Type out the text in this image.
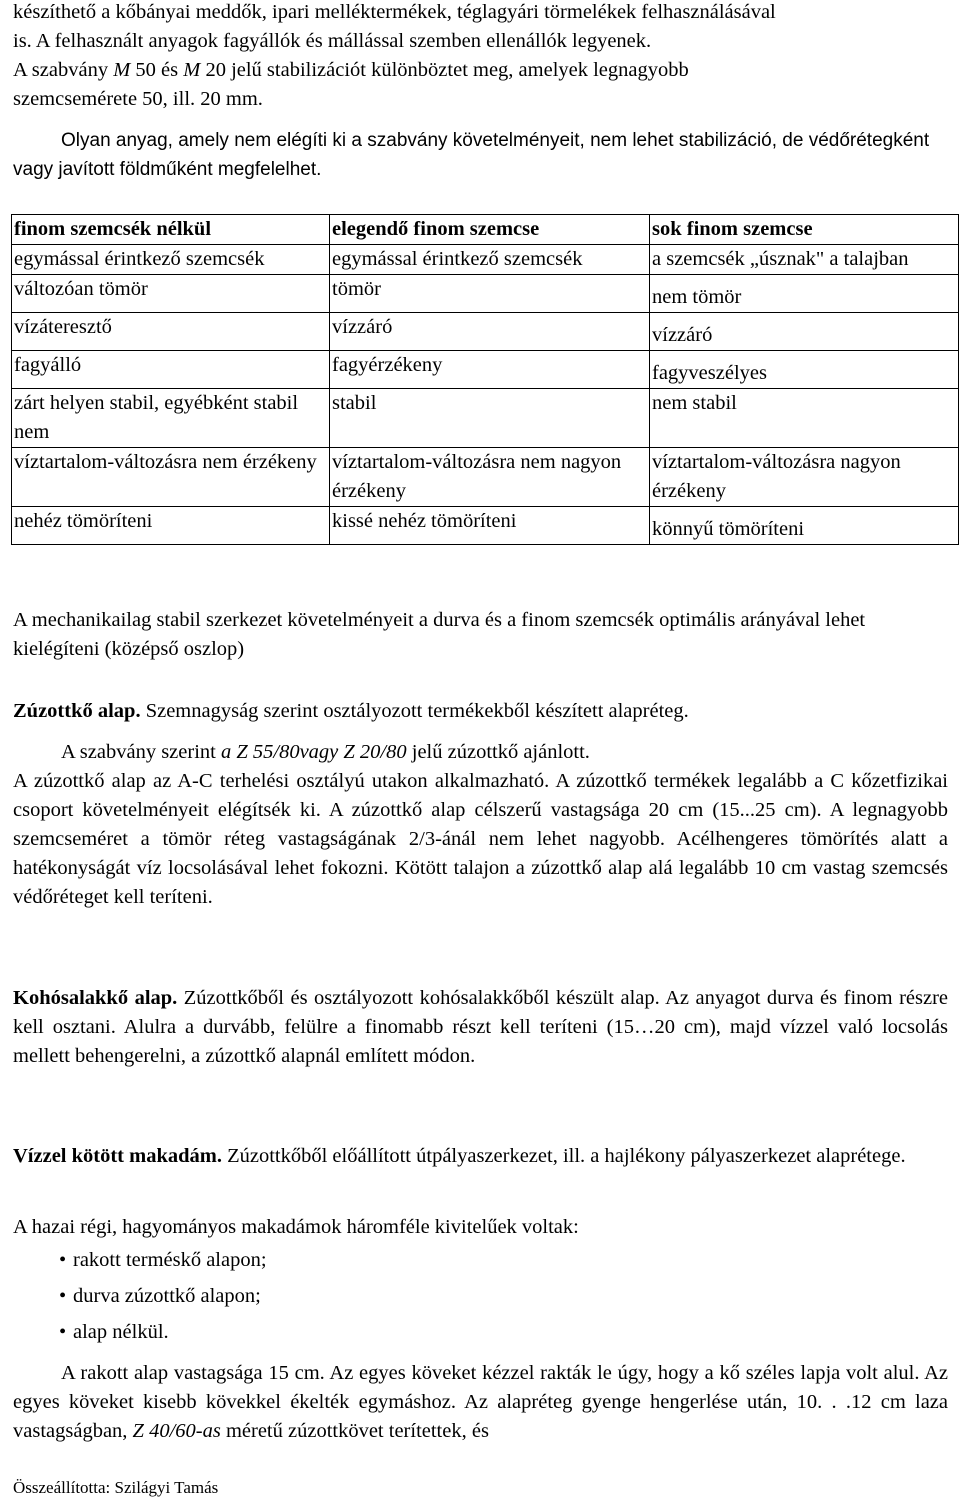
készíthető a kőbányai meddők, ipari melléktermékek, téglagyári törmelékek felhasználásával

is. A felhasznált anyagok fagyállók és mállással szemben ellenállók legyenek.

A szabvány M 50 és M 20 jelű stabilizációt különböztet meg, amelyek legnagyobb

szemcsemérete 50, ill. 20 mm.

Olyan anyag, amely nem elégíti ki a szabvány követelményeit, nem lehet stabilizáció, de védőrétegként vagy javított földműként megfelelhet.

finom szemcsék nélkül	elegendő finom szemcse	sok finom szemcse
egymással érintkező szemcsék	egymással érintkező szemcsék	a szemcsék „úsznak" a talajban
változóan tömör	tömör	nem tömör
vízáteresztő	vízzáró	vízzáró
fagyálló	fagyérzékeny	fagyveszélyes
zárt helyen stabil, egyébként stabil nem	stabil	nem stabil
víztartalom-változásra nem érzékeny	víztartalom-változásra nem nagyon érzékeny	víztartalom-változásra nagyon érzékeny
nehéz tömöríteni	kissé nehéz tömöríteni	könnyű tömöríteni

A mechanikailag stabil szerkezet követelményeit a durva és a finom szemcsék optimális arányával lehet kielégíteni (középső oszlop)

Zúzottkő alap. Szemnagyság szerint osztályozott termékekből készített alapréteg.

A szabvány szerint a Z 55/80vagy Z 20/80 jelű zúzottkő ajánlott.

A zúzottkő alap az A-C terhelési osztályú utakon alkalmazható. A zúzottkő termékek legalább a C kőzetfizikai csoport követelményeit elégítsék ki. A zúzottkő alap célszerű vastagsága 20 cm (15...25 cm). A legnagyobb szemcseméret a tömör réteg vastagságának 2/3-ánál nem lehet nagyobb. Acélhengeres tömörítés alatt a hatékonyságát víz locsolásával lehet fokozni. Kötött talajon a zúzottkő alap alá legalább 10 cm vastag szemcsés védőréteget kell teríteni.

Kohósalakkő alap. Zúzottkőből és osztályozott kohósalakkőből készült alap. Az anyagot durva és finom részre kell osztani. Alulra a durvább, felülre a finomabb részt kell teríteni (15…20 cm), majd vízzel való locsolás mellett behengerelni, a zúzottkő alapnál említett módon.

Vízzel kötött makadám. Zúzottkőből előállított útpályaszerkezet, ill. a hajlékony pályaszerkezet alaprétege.

A hazai régi, hagyományos makadámok háromféle kivitelűek voltak:

• rakott terméskő alapon;
• durva zúzottkő alapon;
• alap nélkül.

A rakott alap vastagsága 15 cm. Az egyes köveket kézzel rakták le úgy, hogy a kő széles lapja volt alul. Az egyes köveket kisebb kövekkel ékelték egymáshoz. Az alapréteg gyenge hengerlése után, 10. . .12 cm laza vastagságban, Z 40/60-as méretű zúzottkövet terítettek, és

Összeállította: Szilágyi Tamás
